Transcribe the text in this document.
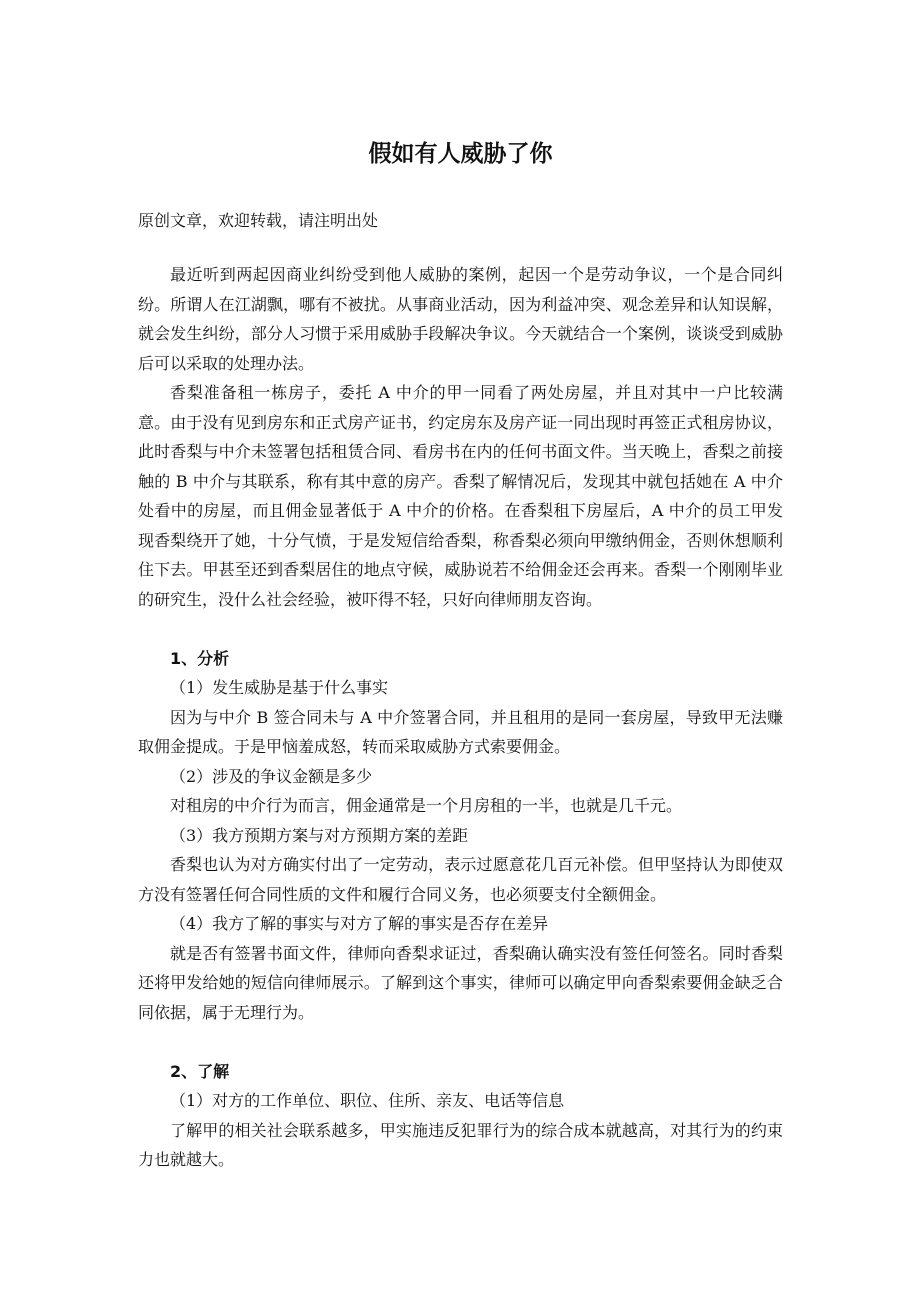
假如有人威胁了你

原创文章，欢迎转载，请注明出处

最近听到两起因商业纠纷受到他人威胁的案例，起因一个是劳动争议，一个是合同纠纷。所谓人在江湖飘，哪有不被扰。从事商业活动，因为利益冲突、观念差异和认知误解，就会发生纠纷，部分人习惯于采用威胁手段解决争议。今天就结合一个案例，谈谈受到威胁后可以采取的处理办法。

香梨准备租一栋房子，委托 A 中介的甲一同看了两处房屋，并且对其中一户比较满意。由于没有见到房东和正式房产证书，约定房东及房产证一同出现时再签正式租房协议，此时香梨与中介未签署包括租赁合同、看房书在内的任何书面文件。当天晚上，香梨之前接触的 B 中介与其联系，称有其中意的房产。香梨了解情况后，发现其中就包括她在 A 中介处看中的房屋，而且佣金显著低于 A 中介的价格。在香梨租下房屋后，A 中介的员工甲发现香梨绕开了她，十分气愤，于是发短信给香梨，称香梨必须向甲缴纳佣金，否则休想顺利住下去。甲甚至还到香梨居住的地点守候，威胁说若不给佣金还会再来。香梨一个刚刚毕业的研究生，没什么社会经验，被吓得不轻，只好向律师朋友咨询。

1、分析

（1）发生威胁是基于什么事实

因为与中介 B 签合同未与 A 中介签署合同，并且租用的是同一套房屋，导致甲无法赚取佣金提成。于是甲恼羞成怒，转而采取威胁方式索要佣金。

（2）涉及的争议金额是多少

对租房的中介行为而言，佣金通常是一个月房租的一半，也就是几千元。

（3）我方预期方案与对方预期方案的差距

香梨也认为对方确实付出了一定劳动，表示过愿意花几百元补偿。但甲坚持认为即使双方没有签署任何合同性质的文件和履行合同义务，也必须要支付全额佣金。

（4）我方了解的事实与对方了解的事实是否存在差异

就是否有签署书面文件，律师向香梨求证过，香梨确认确实没有签任何签名。同时香梨还将甲发给她的短信向律师展示。了解到这个事实，律师可以确定甲向香梨索要佣金缺乏合同依据，属于无理行为。

2、了解

（1）对方的工作单位、职位、住所、亲友、电话等信息

了解甲的相关社会联系越多，甲实施违反犯罪行为的综合成本就越高，对其行为的约束力也就越大。
